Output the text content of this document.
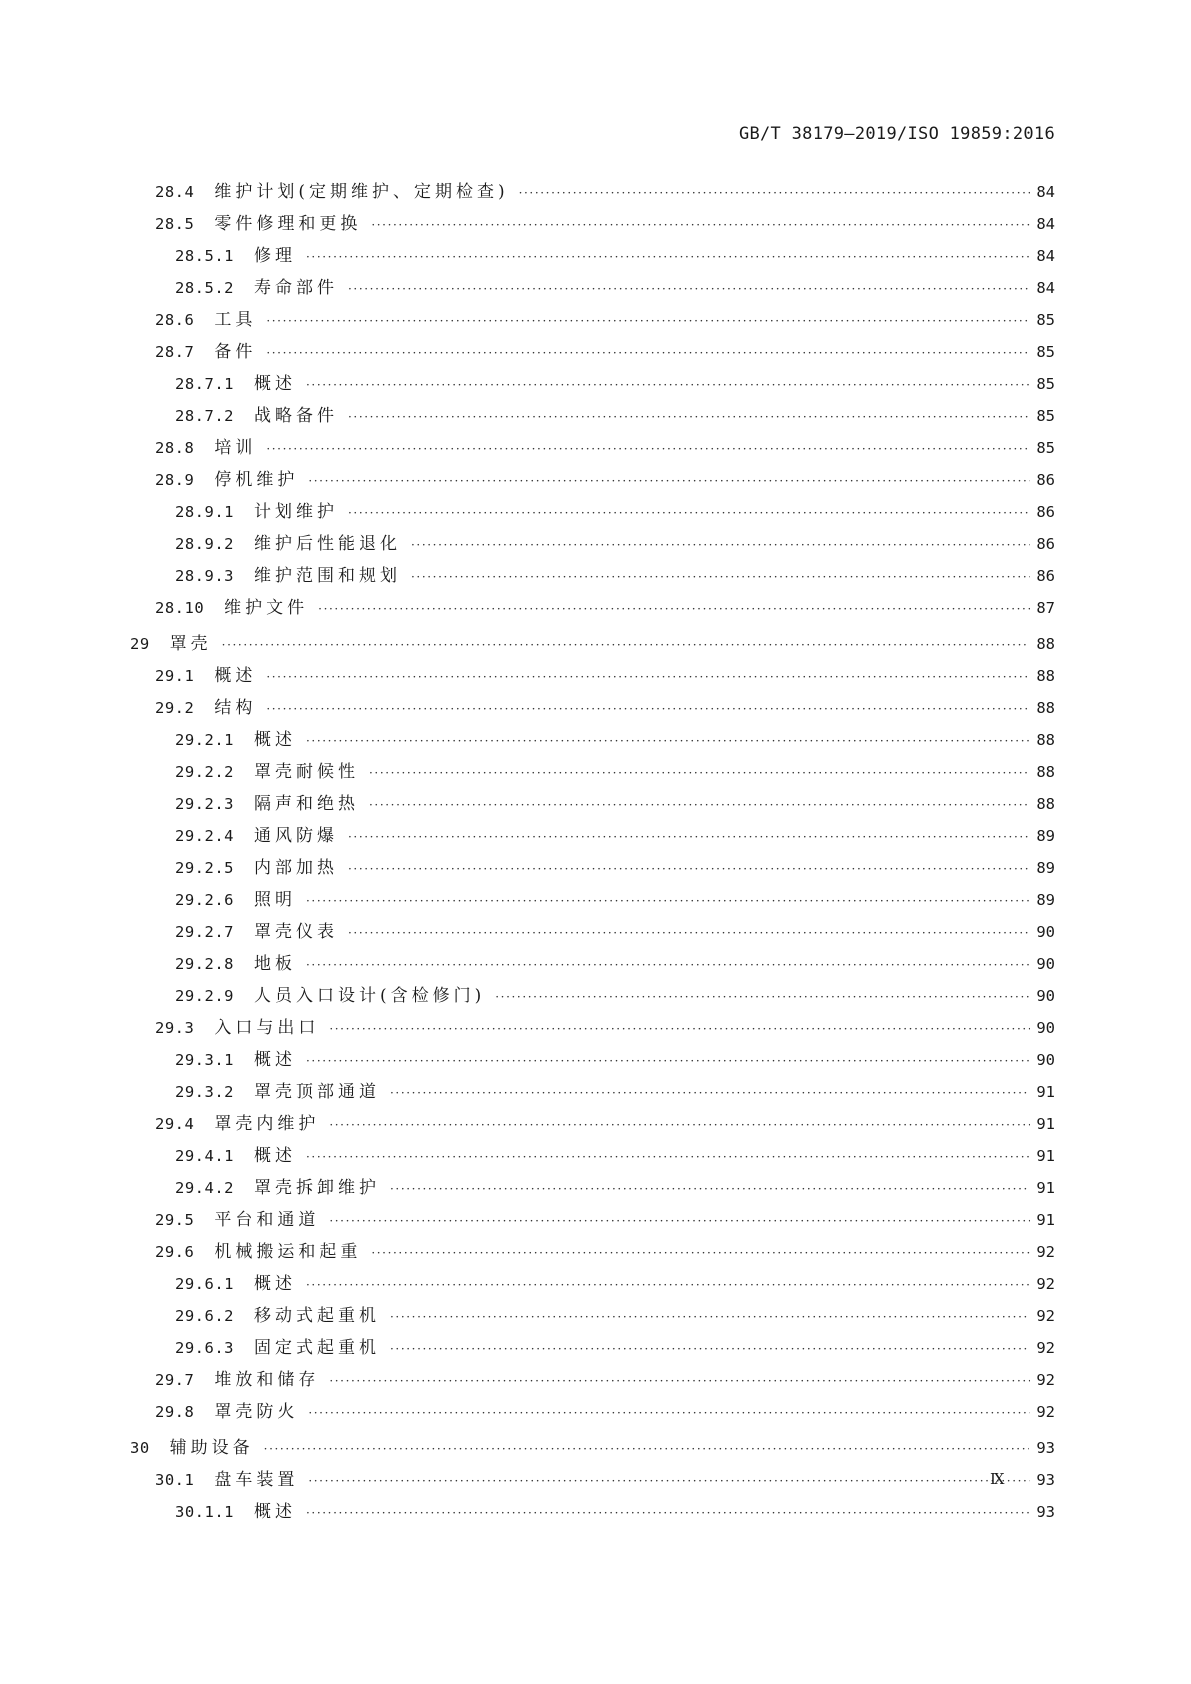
GB/T 38179—2019/ISO 19859:2016
28.4 维护计划(定期维护、定期检查) ·····	84
28.5 零件修理和更换 ·····	84
28.5.1 修理 ·····	84
28.5.2 寿命部件 ·····	84
28.6 工具 ·····	85
28.7 备件 ·····	85
28.7.1 概述 ·····	85
28.7.2 战略备件 ·····	85
28.8 培训 ·····	85
28.9 停机维护 ·····	86
28.9.1 计划维护 ·····	86
28.9.2 维护后性能退化 ·····	86
28.9.3 维护范围和规划 ·····	86
28.10 维护文件 ·····	87
29 罩壳 ·····	88
29.1 概述 ·····	88
29.2 结构 ·····	88
29.2.1 概述 ·····	88
29.2.2 罩壳耐候性 ·····	88
29.2.3 隔声和绝热 ·····	88
29.2.4 通风防爆 ·····	89
29.2.5 内部加热 ·····	89
29.2.6 照明 ·····	89
29.2.7 罩壳仪表 ·····	90
29.2.8 地板 ·····	90
29.2.9 人员入口设计(含检修门) ·····	90
29.3 入口与出口 ·····	90
29.3.1 概述 ·····	90
29.3.2 罩壳顶部通道 ·····	91
29.4 罩壳内维护 ·····	91
29.4.1 概述 ·····	91
29.4.2 罩壳拆卸维护 ·····	91
29.5 平台和通道 ·····	91
29.6 机械搬运和起重 ·····	92
29.6.1 概述 ·····	92
29.6.2 移动式起重机 ·····	92
29.6.3 固定式起重机 ·····	92
29.7 堆放和储存 ·····	92
29.8 罩壳防火 ·····	92
30 辅助设备 ·····	93
30.1 盘车装置 ·····	93
30.1.1 概述 ·····	93
Ⅸ
